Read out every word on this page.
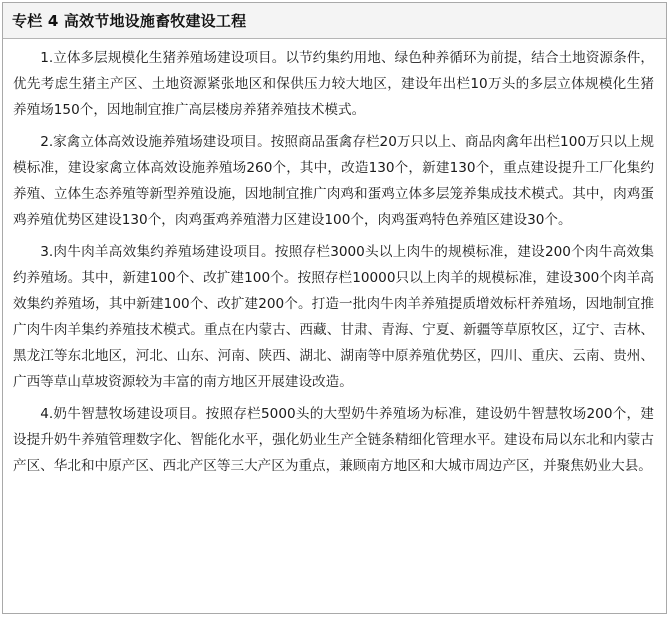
专栏 4 高效节地设施畜牧建设工程

1.立体多层规模化生猪养殖场建设项目。以节约集约用地、绿色种养循环为前提，结合土地资源条件，优先考虑生猪主产区、土地资源紧张地区和保供压力较大地区，建设年出栏10万头的多层立体规模化生猪养殖场150个，因地制宜推广高层楼房养猪养殖技术模式。

2.家禽立体高效设施养殖场建设项目。按照商品蛋禽存栏20万只以上、商品肉禽年出栏100万只以上规模标准，建设家禽立体高效设施养殖场260个，其中，改造130个，新建130个，重点建设提升工厂化集约养殖、立体生态养殖等新型养殖设施，因地制宜推广肉鸡和蛋鸡立体多层笼养集成技术模式。其中，肉鸡蛋鸡养殖优势区建设130个，肉鸡蛋鸡养殖潜力区建设100个，肉鸡蛋鸡特色养殖区建设30个。

3.肉牛肉羊高效集约养殖场建设项目。按照存栏3000头以上肉牛的规模标准，建设200个肉牛高效集约养殖场。其中，新建100个、改扩建100个。按照存栏10000只以上肉羊的规模标准，建设300个肉羊高效集约养殖场，其中新建100个、改扩建200个。打造一批肉牛肉羊养殖提质增效标杆养殖场，因地制宜推广肉牛肉羊集约养殖技术模式。重点在内蒙古、西藏、甘肃、青海、宁夏、新疆等草原牧区，辽宁、吉林、黑龙江等东北地区，河北、山东、河南、陕西、湖北、湖南等中原养殖优势区，四川、重庆、云南、贵州、广西等草山草坡资源较为丰富的南方地区开展建设改造。

4.奶牛智慧牧场建设项目。按照存栏5000头的大型奶牛养殖场为标准，建设奶牛智慧牧场200个，建设提升奶牛养殖管理数字化、智能化水平，强化奶业生产全链条精细化管理水平。建设布局以东北和内蒙古产区、华北和中原产区、西北产区等三大产区为重点，兼顾南方地区和大城市周边产区，并聚焦奶业大县。
